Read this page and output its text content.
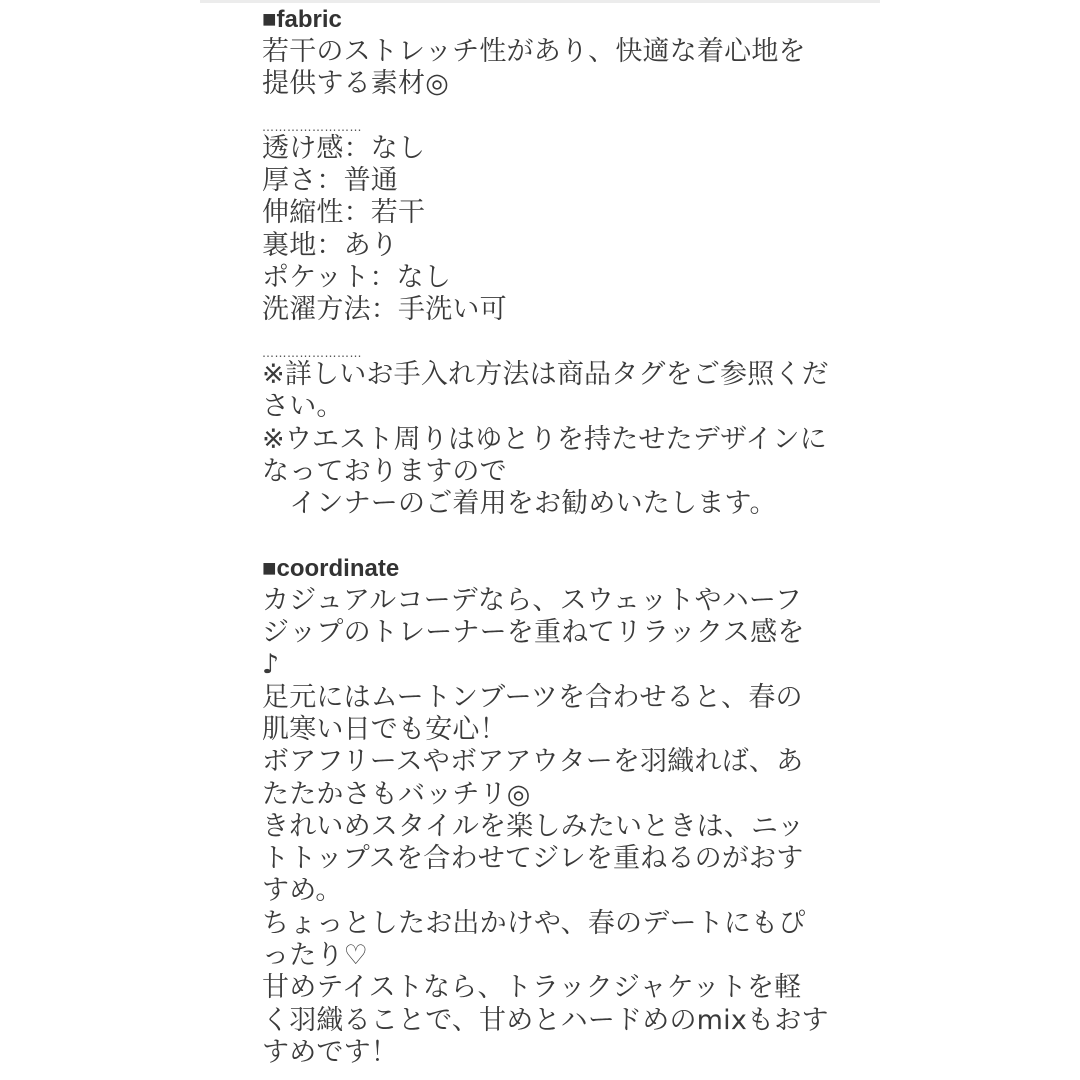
■fabric
若干のストレッチ性があり、快適な着心地を
提供する素材◎
……………………
透け感：なし
厚さ：普通
伸縮性：若干
裏地：あり
ポケット：なし
洗濯方法：手洗い可
……………………
※詳しいお手入れ方法は商品タグをご参照くだ
さい。
※ウエスト周りはゆとりを持たせたデザインに
なっておりますので
　インナーのご着用をお勧めいたします。
■coordinate
カジュアルコーデなら、スウェットやハーフ
ジップのトレーナーを重ねてリラックス感を
♪
足元にはムートンブーツを合わせると、春の
肌寒い日でも安心！
ボアフリースやボアアウターを羽織れば、あ
たたかさもバッチリ◎
きれいめスタイルを楽しみたいときは、ニッ
トトップスを合わせてジレを重ねるのがおす
すめ。
ちょっとしたお出かけや、春のデートにもぴ
ったり♡
甘めテイストなら、トラックジャケットを軽
く羽織ることで、甘めとハードめのmixもおす
すめです！
